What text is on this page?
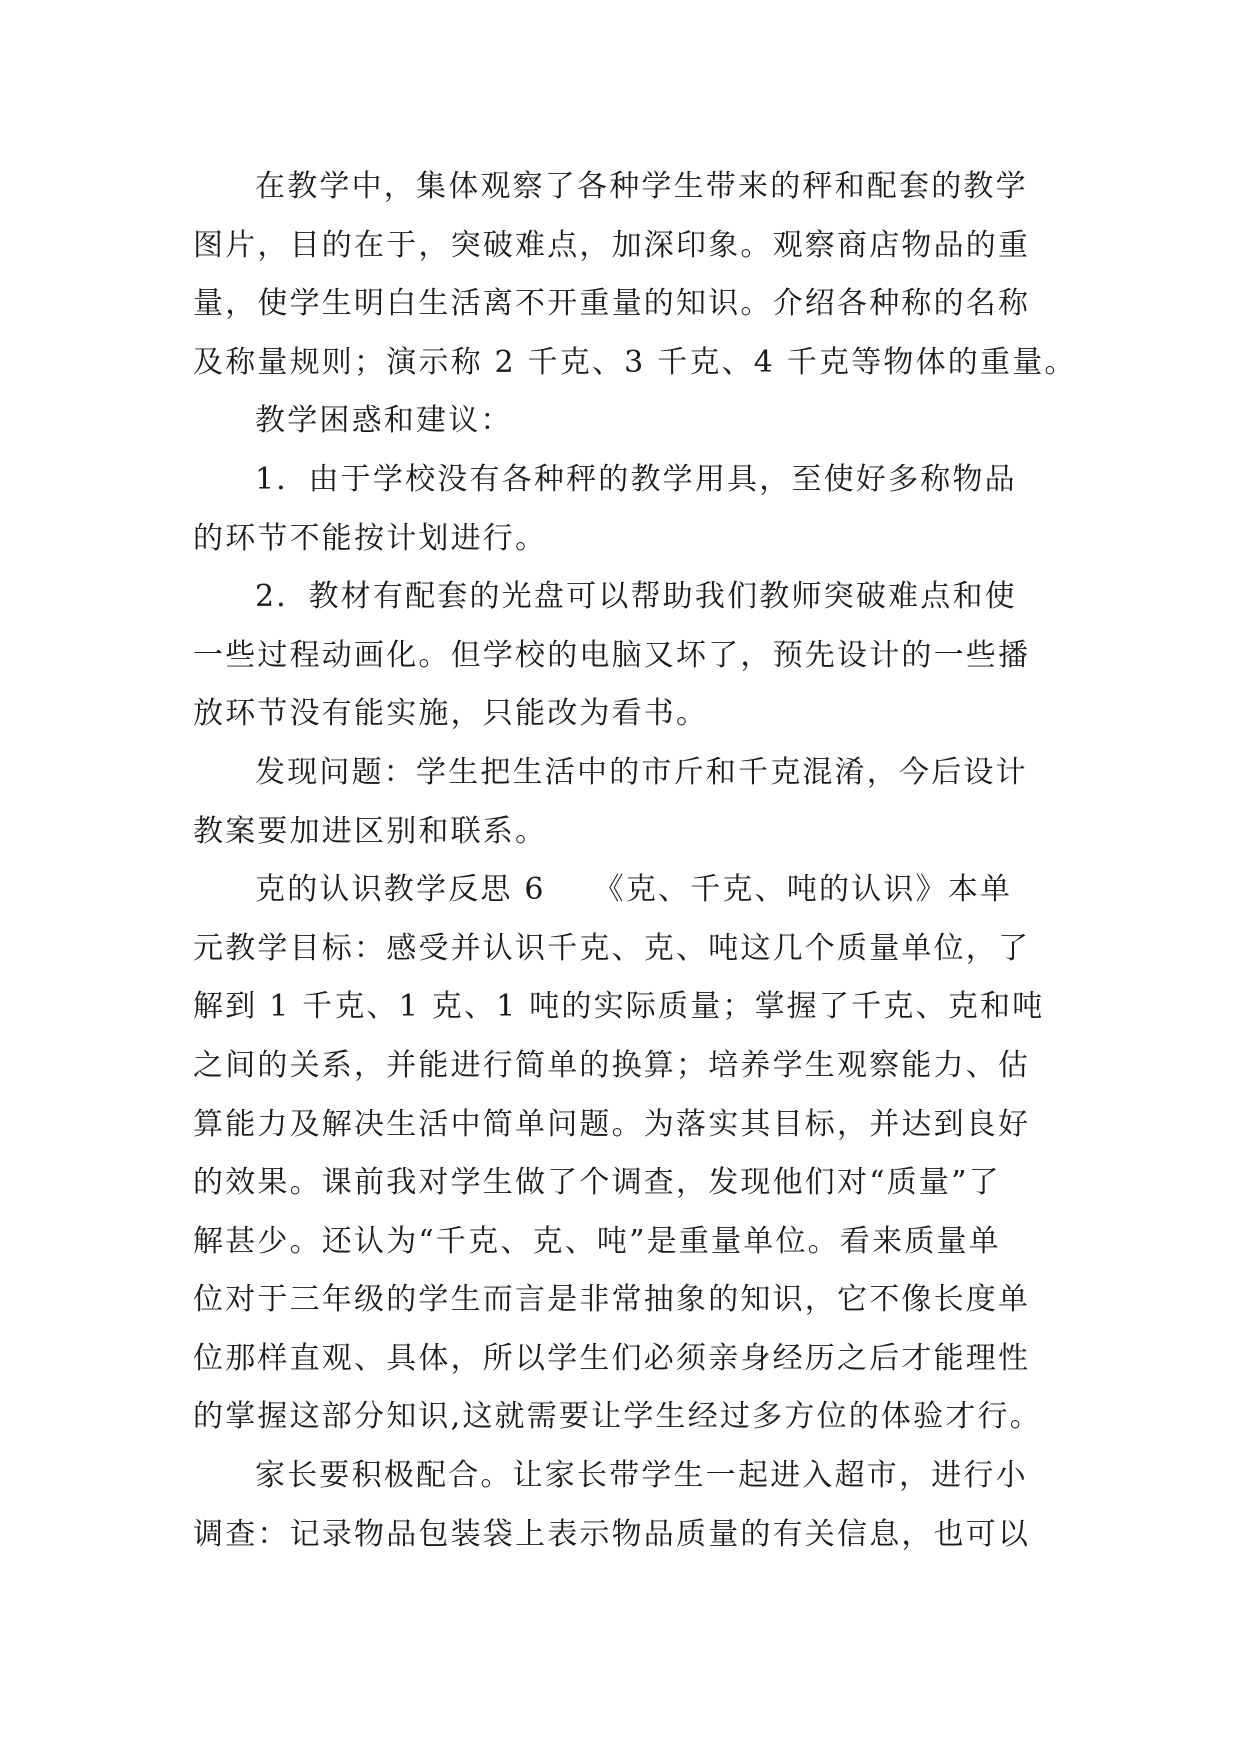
在教学中，集体观察了各种学生带来的秤和配套的教学
图片，目的在于，突破难点，加深印象。观察商店物品的重
量，使学生明白生活离不开重量的知识。介绍各种称的名称
及称量规则；演示称 2 千克、3 千克、4 千克等物体的重量。
教学困惑和建议：
1．由于学校没有各种秤的教学用具，至使好多称物品
的环节不能按计划进行。
2．教材有配套的光盘可以帮助我们教师突破难点和使
一些过程动画化。但学校的电脑又坏了，预先设计的一些播
放环节没有能实施，只能改为看书。
发现问题：学生把生活中的市斤和千克混淆，今后设计
教案要加进区别和联系。
克的认识教学反思 6 《克、千克、吨的认识》本单
元教学目标：感受并认识千克、克、吨这几个质量单位，了
解到 1 千克、1 克、1 吨的实际质量；掌握了千克、克和吨
之间的关系，并能进行简单的换算；培养学生观察能力、估
算能力及解决生活中简单问题。为落实其目标，并达到良好
的效果。课前我对学生做了个调查，发现他们对“质量”了
解甚少。还认为“千克、克、吨”是重量单位。看来质量单
位对于三年级的学生而言是非常抽象的知识，它不像长度单
位那样直观、具体，所以学生们必须亲身经历之后才能理性
的掌握这部分知识,这就需要让学生经过多方位的体验才行。
家长要积极配合。让家长带学生一起进入超市，进行小
调查：记录物品包装袋上表示物品质量的有关信息，也可以
